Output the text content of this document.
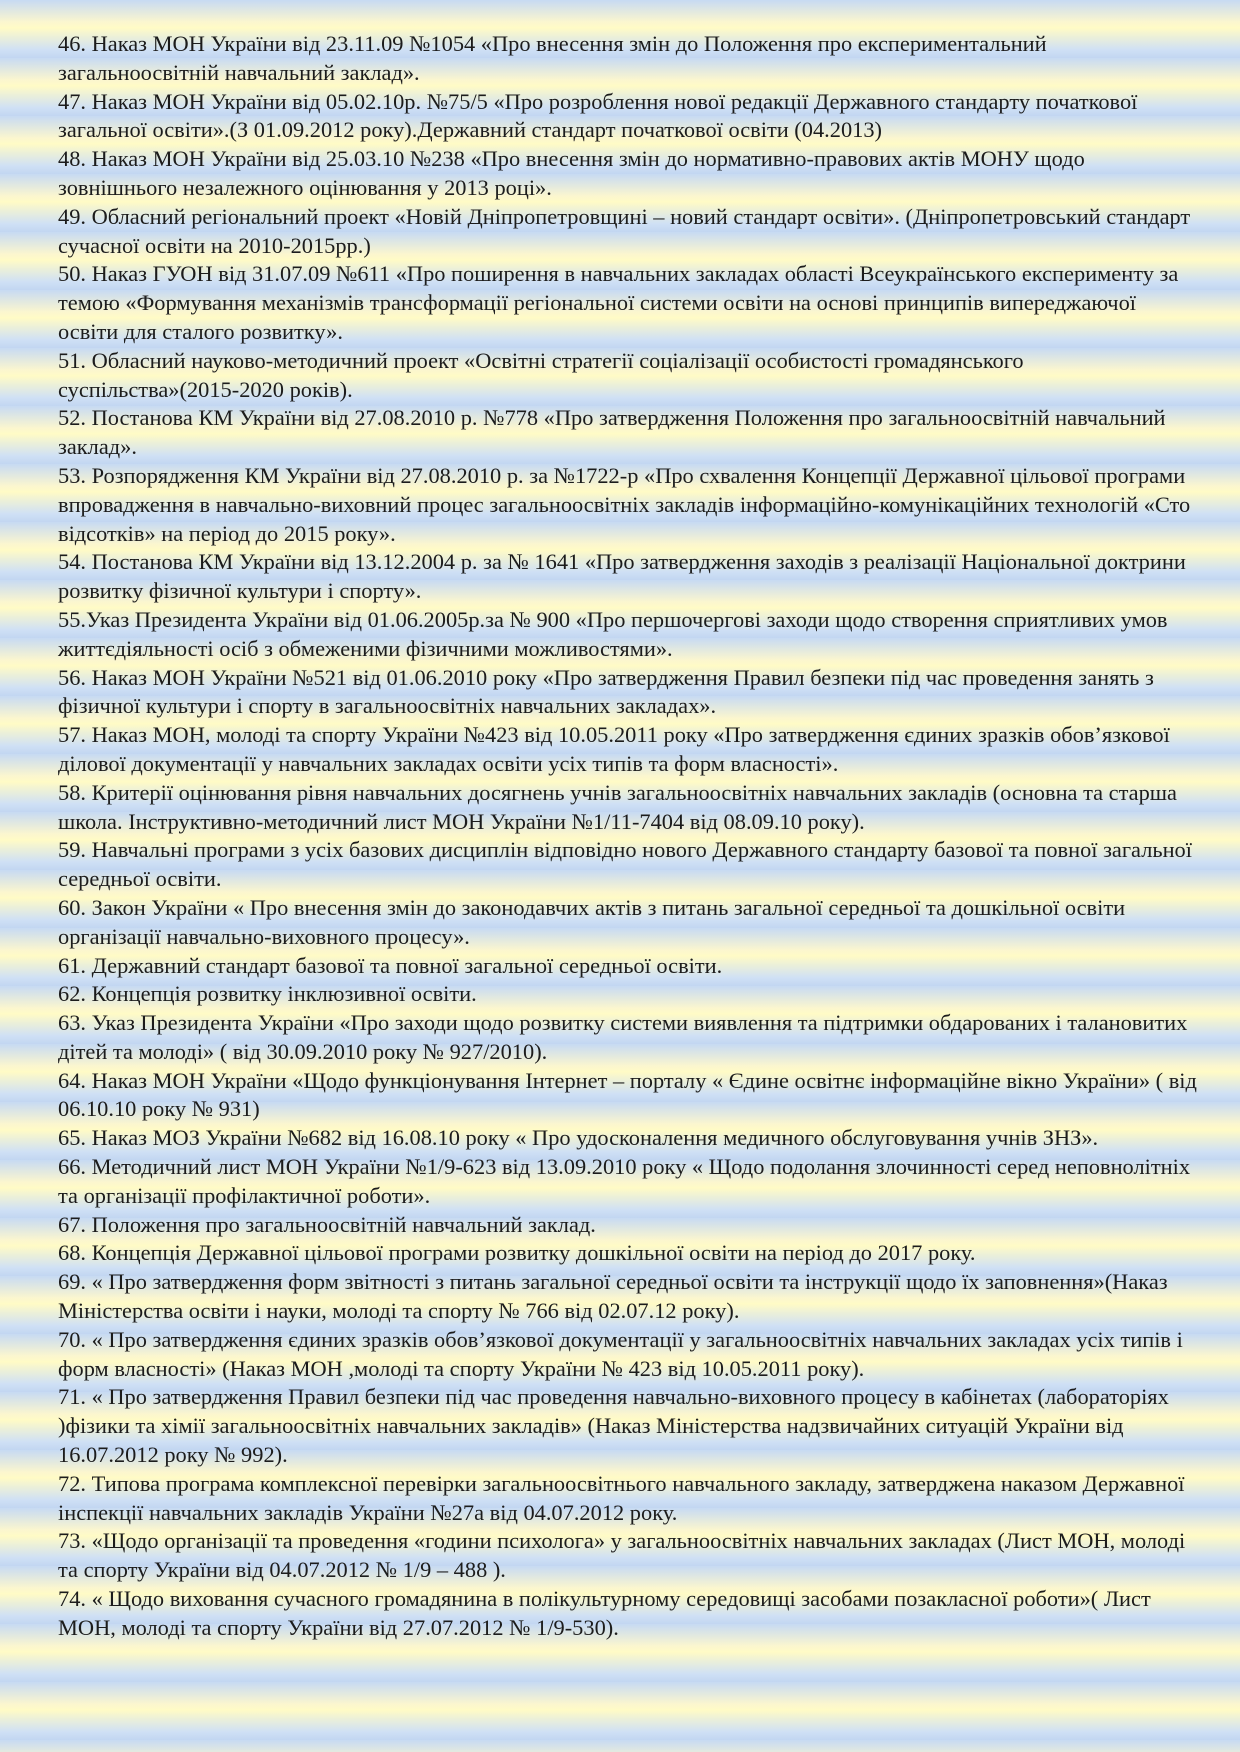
46. Наказ МОН України від 23.11.09 №1054 «Про внесення змін до Положення про експериментальний загальноосвітній навчальний заклад».

47. Наказ МОН України від 05.02.10р. №75/5 «Про розроблення нової редакції Державного стандарту початкової загальної освіти».(З 01.09.2012 року).Державний стандарт початкової освіти (04.2013)

48. Наказ МОН України від 25.03.10 №238 «Про внесення змін до нормативно-правових актів МОНУ щодо зовнішнього незалежного оцінювання у 2013 році».

49. Обласний регіональний проект «Новій Дніпропетровщині – новий стандарт освіти». (Дніпропетровський стандарт сучасної освіти на 2010-2015рр.)

50. Наказ ГУОН від 31.07.09 №611 «Про поширення в навчальних закладах області Всеукраїнського експерименту за темою «Формування механізмів трансформації регіональної системи освіти на основі принципів випереджаючої освіти для сталого розвитку».

51. Обласний науково-методичний проект «Освітні стратегії соціалізації особистості громадянського суспільства»(2015-2020 років).

52. Постанова КМ України від 27.08.2010 р. №778 «Про затвердження Положення про загальноосвітній навчальний заклад».

53. Розпорядження КМ України від 27.08.2010 р. за №1722-р «Про схвалення Концепції Державної цільової програми впровадження в навчально-виховний процес загальноосвітніх закладів інформаційно-комунікаційних технологій «Сто відсотків» на період до 2015 року».

54. Постанова КМ України від 13.12.2004 р. за № 1641 «Про затвердження заходів з реалізації Національної доктрини розвитку фізичної культури і спорту».

55.Указ Президента України від 01.06.2005р.за № 900 «Про першочергові заходи щодо створення сприятливих умов життєдіяльності осіб з обмеженими фізичними можливостями».

56. Наказ МОН України №521 від 01.06.2010 року «Про затвердження Правил безпеки під час проведення занять з фізичної культури і спорту в загальноосвітніх навчальних закладах».

57. Наказ МОН, молоді та спорту України №423 від 10.05.2011 року «Про затвердження єдиних зразків обов’язкової ділової документації у навчальних закладах освіти усіх типів та форм власності».

58. Критерії оцінювання рівня навчальних досягнень учнів загальноосвітніх навчальних закладів (основна та старша школа. Інструктивно-методичний лист МОН України №1/11-7404 від 08.09.10 року).

59. Навчальні програми з усіх базових дисциплін відповідно нового Державного стандарту базової та повної загальної середньої освіти.

60. Закон України « Про внесення змін до законодавчих актів з питань загальної середньої та дошкільної освіти організації навчально-виховного процесу».

61. Державний стандарт базової та повної загальної середньої освіти.

62. Концепція розвитку інклюзивної освіти.

63. Указ Президента України «Про заходи щодо розвитку системи виявлення та підтримки обдарованих і талановитих дітей та молоді» ( від 30.09.2010 року № 927/2010).

64. Наказ МОН України «Щодо функціонування Інтернет – порталу « Єдине освітнє інформаційне вікно України» ( від 06.10.10 року № 931)

65. Наказ МОЗ України №682 від 16.08.10 року « Про удосконалення медичного обслуговування учнів ЗНЗ».

66. Методичний лист МОН України №1/9-623 від 13.09.2010 року « Щодо подолання злочинності серед неповнолітніх та організації профілактичної роботи».

67. Положення про загальноосвітній навчальний заклад.

68. Концепція Державної цільової програми розвитку дошкільної освіти на період до 2017 року.

69. « Про затвердження форм звітності з питань загальної середньої освіти та інструкції щодо їх заповнення»(Наказ Міністерства освіти і науки, молоді та спорту № 766 від 02.07.12 року).

70. « Про затвердження єдиних зразків обов’язкової документації у загальноосвітніх навчальних закладах усіх типів і форм власності» (Наказ МОН ,молоді та спорту України № 423 від 10.05.2011 року).

71. « Про затвердження Правил безпеки під час проведення навчально-виховного процесу в кабінетах (лабораторіях )фізики та хімії загальноосвітніх навчальних закладів» (Наказ Міністерства надзвичайних ситуацій України від 16.07.2012 року № 992).

72. Типова програма комплексної перевірки загальноосвітнього навчального закладу, затверджена наказом Державної інспекції навчальних закладів України №27а від 04.07.2012 року.

73. «Щодо організації та проведення «години психолога» у загальноосвітніх навчальних закладах (Лист МОН, молоді та спорту України від 04.07.2012 № 1/9 – 488 ).

74. « Щодо виховання сучасного громадянина в полікультурному середовищі засобами позакласної роботи»( Лист МОН, молоді та спорту України від 27.07.2012 № 1/9-530).
